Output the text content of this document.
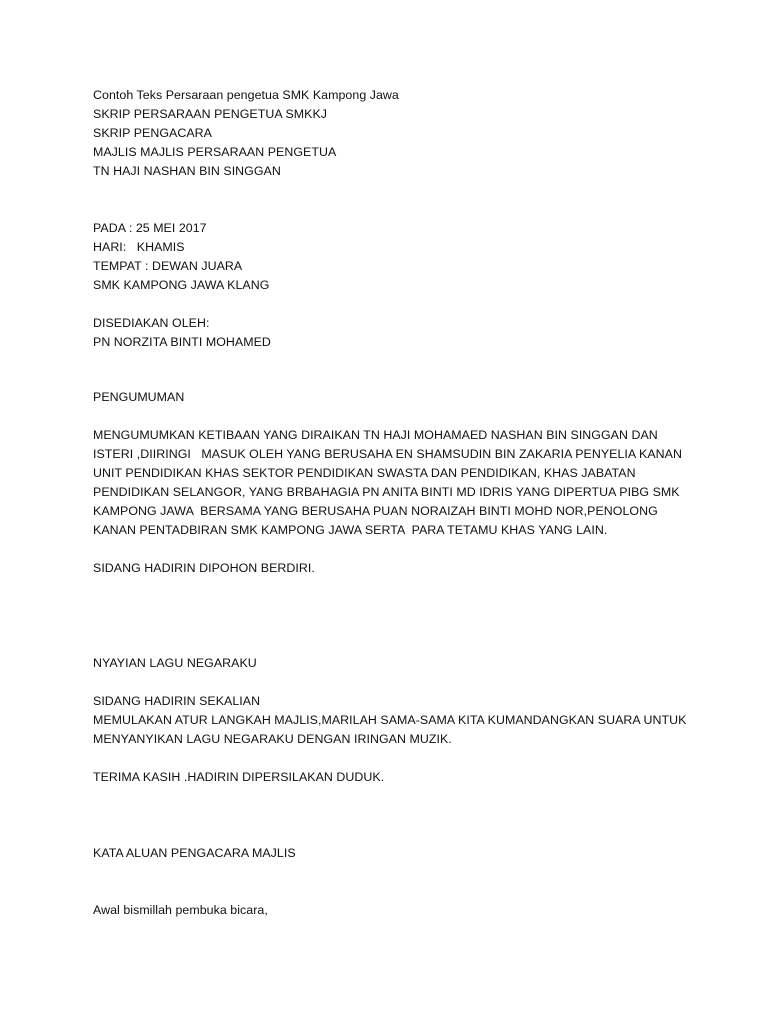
Contoh Teks Persaraan pengetua SMK Kampong Jawa
SKRIP PERSARAAN PENGETUA SMKKJ
SKRIP PENGACARA
MAJLIS MAJLIS PERSARAAN PENGETUA
TN HAJI NASHAN BIN SINGGAN
PADA : 25 MEI 2017
HARI:   KHAMIS
TEMPAT : DEWAN JUARA
SMK KAMPONG JAWA KLANG
DISEDIAKAN OLEH:
PN NORZITA BINTI MOHAMED
PENGUMUMAN
MENGUMUMKAN KETIBAAN YANG DIRAIKAN TN HAJI MOHAMAED NASHAN BIN SINGGAN DAN
ISTERI ,DIIRINGI   MASUK OLEH YANG BERUSAHA EN SHAMSUDIN BIN ZAKARIA PENYELIA KANAN
UNIT PENDIDIKAN KHAS SEKTOR PENDIDIKAN SWASTA DAN PENDIDIKAN, KHAS JABATAN
PENDIDIKAN SELANGOR, YANG BRBAHAGIA PN ANITA BINTI MD IDRIS YANG DIPERTUA PIBG SMK
KAMPONG JAWA  BERSAMA YANG BERUSAHA PUAN NORAIZAH BINTI MOHD NOR,PENOLONG
KANAN PENTADBIRAN SMK KAMPONG JAWA SERTA  PARA TETAMU KHAS YANG LAIN.
SIDANG HADIRIN DIPOHON BERDIRI.
NYAYIAN LAGU NEGARAKU
SIDANG HADIRIN SEKALIAN
MEMULAKAN ATUR LANGKAH MAJLIS,MARILAH SAMA-SAMA KITA KUMANDANGKAN SUARA UNTUK
MENYANYIKAN LAGU NEGARAKU DENGAN IRINGAN MUZIK.
TERIMA KASIH .HADIRIN DIPERSILAKAN DUDUK.
KATA ALUAN PENGACARA MAJLIS
Awal bismillah pembuka bicara,
